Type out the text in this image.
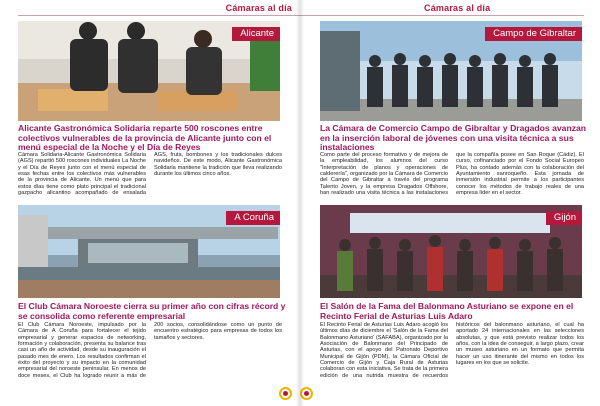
Cámaras al día
Alicante
Alicante Gastronómica Solidaria reparte 500 roscones entre colectivos vulnerables de la provincia de Alicante junto con el menú especial de la Noche y el Día de Reyes

Cámara Solidaria-Alicante Gastronómica Solidaria (AGS) repartió 500 roscones individuales La Noche y el Día de Reyes junto con el menú especial de esas fechas entre los colectivos más vulnerables de la provincia de Alicante. Un menú que para estos días tiene como plato principal el tradicional gazpacho alicantino acompañado de ensalada AGS, fruta, bombones y los tradicionales dulces navideños. De este modo, Alicante Gastronómica Solidaria mantiene la tradición que lleva realizando durante los últimos cinco años.

A Coruña
El Club Cámara Noroeste cierra su primer año con cifras récord y se consolida como referente empresarial

El Club Cámara Noroeste, impulsado por la Cámara de A Coruña para fortalecer el tejido empresarial y generar espacios de networking, formación y colaboración, presenta su balance tras casi un año de actividad, desde su inauguración el pasado mes de enero. Los resultados confirman el éxito del proyecto y su impacto en la comunidad empresarial del noroeste peninsular. En menos de doce meses, el Club ha logrado reunir a más de 200 socios, consolidándose como un punto de encuentro estratégico para empresas de todos los tamaños y sectores.

Cámaras al día
Campo de Gibraltar
La Cámara de Comercio Campo de Gibraltar y Dragados avanzan en la inserción laboral de jóvenes con una visita técnica a sus instalaciones

Como parte del proceso formativo y de mejora de la empleabilidad, los alumnos del curso "Interpretación de planos y operaciones de calderería", organizado por la Cámara de Comercio del Campo de Gibraltar a través del programa Talento Joven, y la empresa Dragados Offshore, han realizado una visita técnica a las instalaciones que la compañía posee en San Roque (Cádiz). El curso, cofinanciado por el Fondo Social Europeo Plus, ha contado además con la colaboración del Ayuntamiento sanroqueño. Esta jornada de inmersión industrial permite a los participantes conocer los métodos de trabajo reales de una empresa líder en el sector.

Gijón
El Salón de la Fama del Balonmano Asturiano se expone en el Recinto Ferial de Asturias Luis Adaro

El Recinto Ferial de Asturias Luis Adaro acogió los últimos días de diciembre el 'Salón de la Fama del Balonmano Asturiano' (SAFABA), organizado por la Asociación de Balonmano del Principado de Asturias, con el apoyo del Patronato Deportivo Municipal de Gijón (PDM), la Cámara Oficial de Comercio de Gijón y Caja Rural de Asturias colaboran con esta iniciativa. Se trata de la primera edición de una nutrida muestra de recuerdos históricos del balonmano asturiano, el cual ha aportado 24 internacionales en las selecciones absolutas, y que está previsto realizar todos los años, con la idea de conseguir, a largo plazo, crear un museo asturiano en un formato que permita hacer un uso itinerante del mismo en todos los lugares en los que se solicite.
